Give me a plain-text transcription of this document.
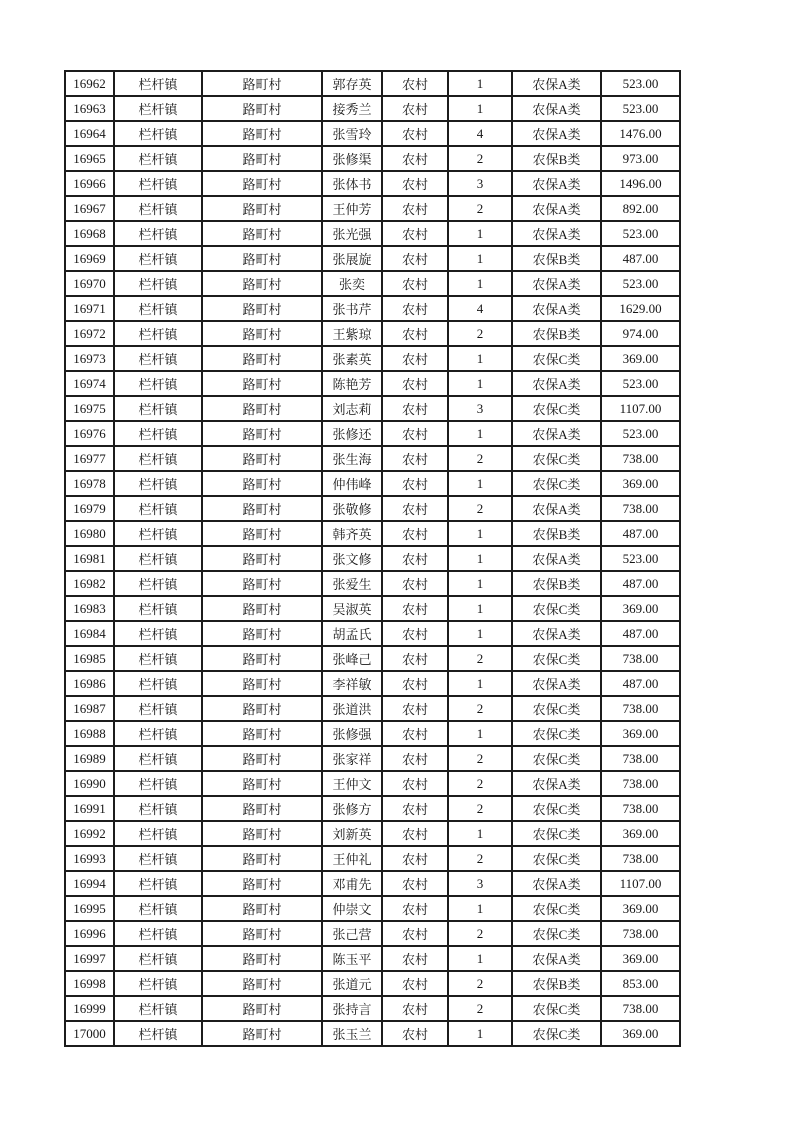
16962	栏杆镇	路町村	郭存英	农村	1	农保A类	523.00
16963	栏杆镇	路町村	接秀兰	农村	1	农保A类	523.00
16964	栏杆镇	路町村	张雪玲	农村	4	农保A类	1476.00
16965	栏杆镇	路町村	张修渠	农村	2	农保B类	973.00
16966	栏杆镇	路町村	张体书	农村	3	农保A类	1496.00
16967	栏杆镇	路町村	王仲芳	农村	2	农保A类	892.00
16968	栏杆镇	路町村	张光强	农村	1	农保A类	523.00
16969	栏杆镇	路町村	张展旋	农村	1	农保B类	487.00
16970	栏杆镇	路町村	张奕	农村	1	农保A类	523.00
16971	栏杆镇	路町村	张书芹	农村	4	农保A类	1629.00
16972	栏杆镇	路町村	王紫琼	农村	2	农保B类	974.00
16973	栏杆镇	路町村	张素英	农村	1	农保C类	369.00
16974	栏杆镇	路町村	陈艳芳	农村	1	农保A类	523.00
16975	栏杆镇	路町村	刘志莉	农村	3	农保C类	1107.00
16976	栏杆镇	路町村	张修还	农村	1	农保A类	523.00
16977	栏杆镇	路町村	张生海	农村	2	农保C类	738.00
16978	栏杆镇	路町村	仲伟峰	农村	1	农保C类	369.00
16979	栏杆镇	路町村	张敬修	农村	2	农保A类	738.00
16980	栏杆镇	路町村	韩齐英	农村	1	农保B类	487.00
16981	栏杆镇	路町村	张文修	农村	1	农保A类	523.00
16982	栏杆镇	路町村	张爱生	农村	1	农保B类	487.00
16983	栏杆镇	路町村	吴淑英	农村	1	农保C类	369.00
16984	栏杆镇	路町村	胡孟氏	农村	1	农保A类	487.00
16985	栏杆镇	路町村	张峰己	农村	2	农保C类	738.00
16986	栏杆镇	路町村	李祥敏	农村	1	农保A类	487.00
16987	栏杆镇	路町村	张道洪	农村	2	农保C类	738.00
16988	栏杆镇	路町村	张修强	农村	1	农保C类	369.00
16989	栏杆镇	路町村	张家祥	农村	2	农保C类	738.00
16990	栏杆镇	路町村	王仲文	农村	2	农保A类	738.00
16991	栏杆镇	路町村	张修方	农村	2	农保C类	738.00
16992	栏杆镇	路町村	刘新英	农村	1	农保C类	369.00
16993	栏杆镇	路町村	王仲礼	农村	2	农保C类	738.00
16994	栏杆镇	路町村	邓甫先	农村	3	农保A类	1107.00
16995	栏杆镇	路町村	仲崇文	农村	1	农保C类	369.00
16996	栏杆镇	路町村	张己营	农村	2	农保C类	738.00
16997	栏杆镇	路町村	陈玉平	农村	1	农保A类	369.00
16998	栏杆镇	路町村	张道元	农村	2	农保B类	853.00
16999	栏杆镇	路町村	张持言	农村	2	农保C类	738.00
17000	栏杆镇	路町村	张玉兰	农村	1	农保C类	369.00
